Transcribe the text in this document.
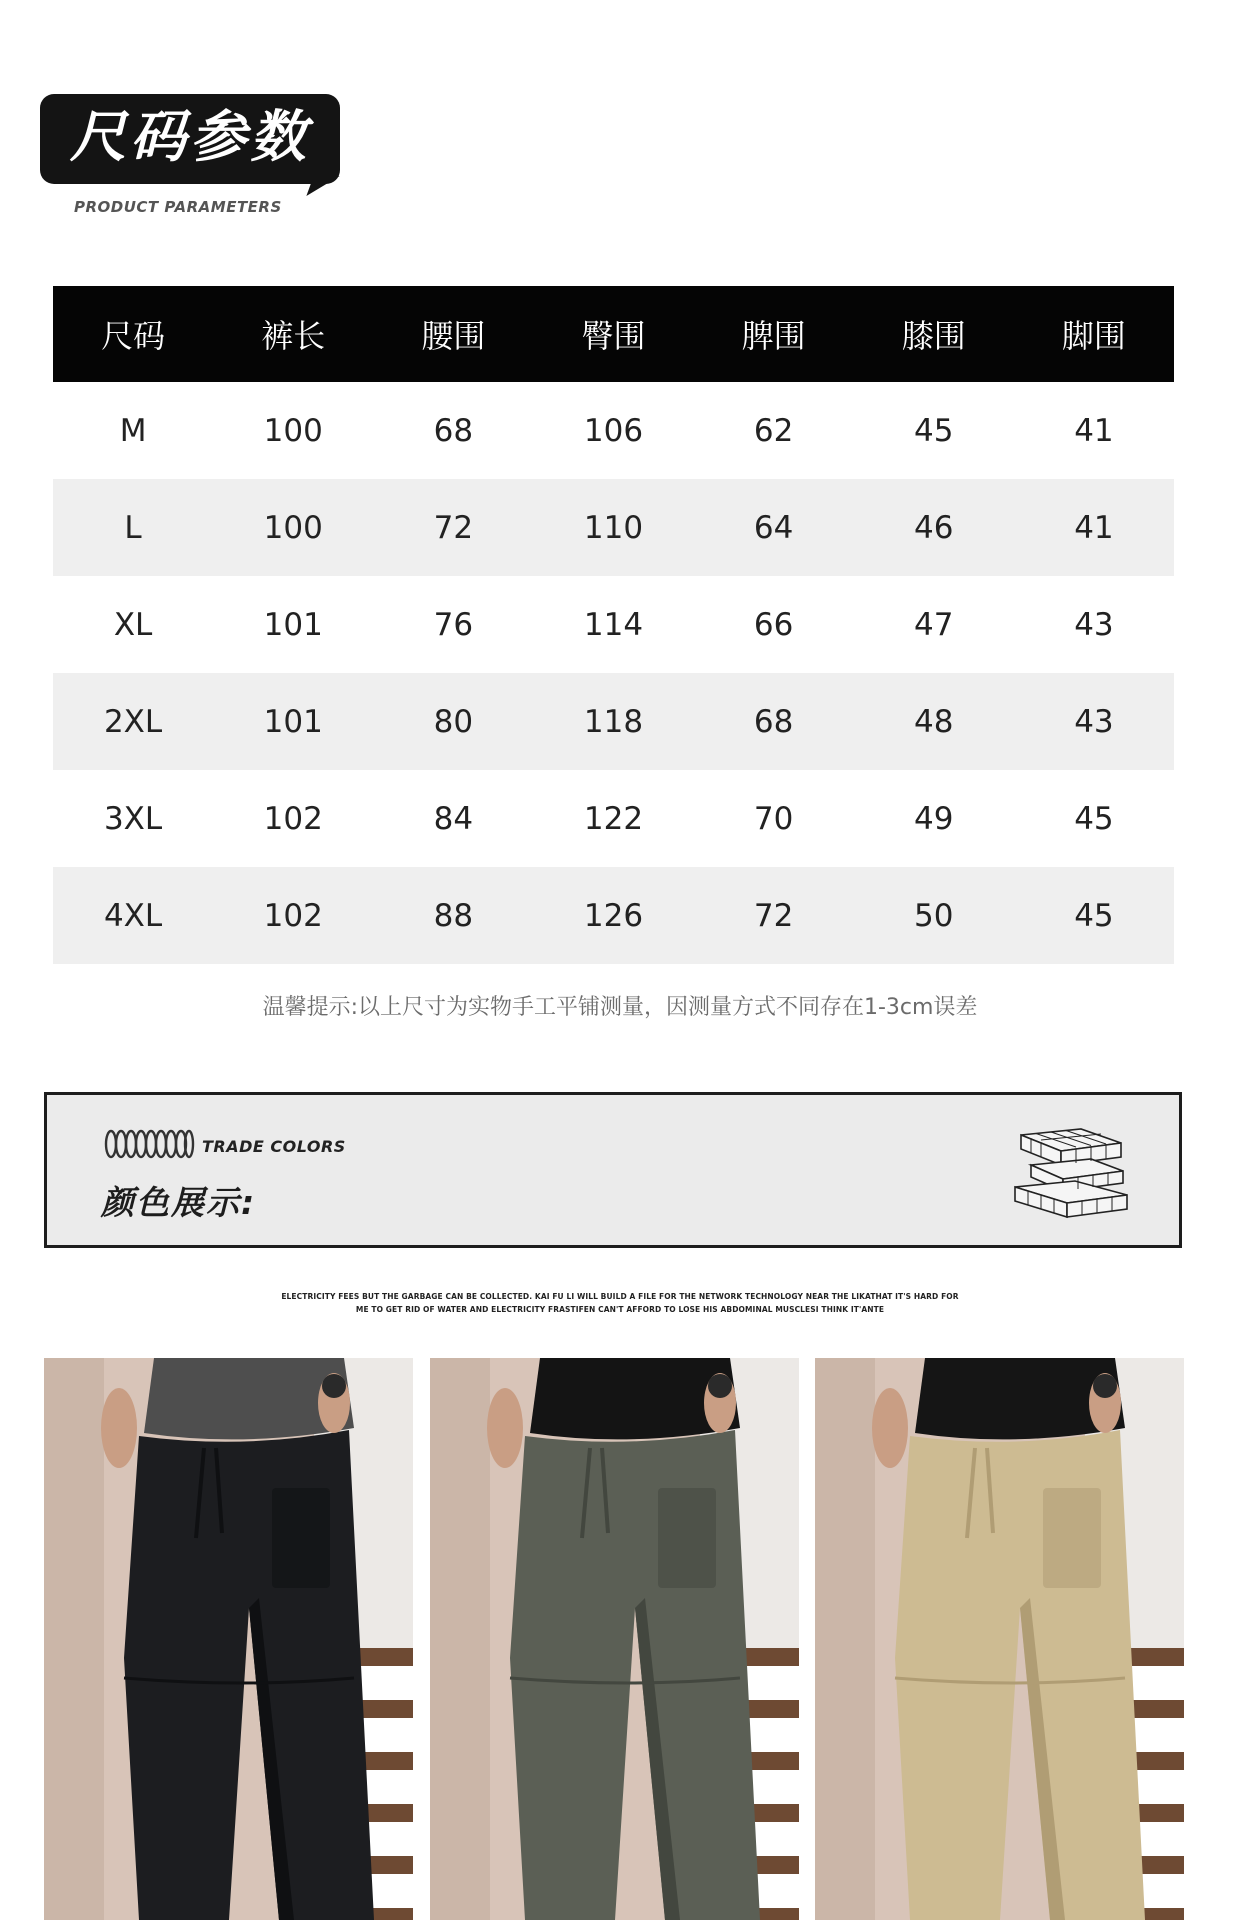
尺码参数
PRODUCT PARAMETERS
尺码	裤长	腰围	臀围	脾围	膝围	脚围
M	100	68	106	62	45	41
L	100	72	110	64	46	41
XL	101	76	114	66	47	43
2XL	101	80	118	68	48	43
3XL	102	84	122	70	49	45
4XL	102	88	126	72	50	45
温馨提示:以上尺寸为实物手工平铺测量，因测量方式不同存在1-3cm误差
TRADE COLORS
颜色展示:
ELECTRICITY FEES BUT THE GARBAGE CAN BE COLLECTED. KAI FU LI WILL BUILD A FILE FOR THE NETWORK TECHNOLOGY NEAR THE LIKATHAT IT'S HARD FOR
ME TO GET RID OF WATER AND ELECTRICITY FRASTIFEN CAN'T AFFORD TO LOSE HIS ABDOMINAL MUSCLESI THINK IT'ANTE
